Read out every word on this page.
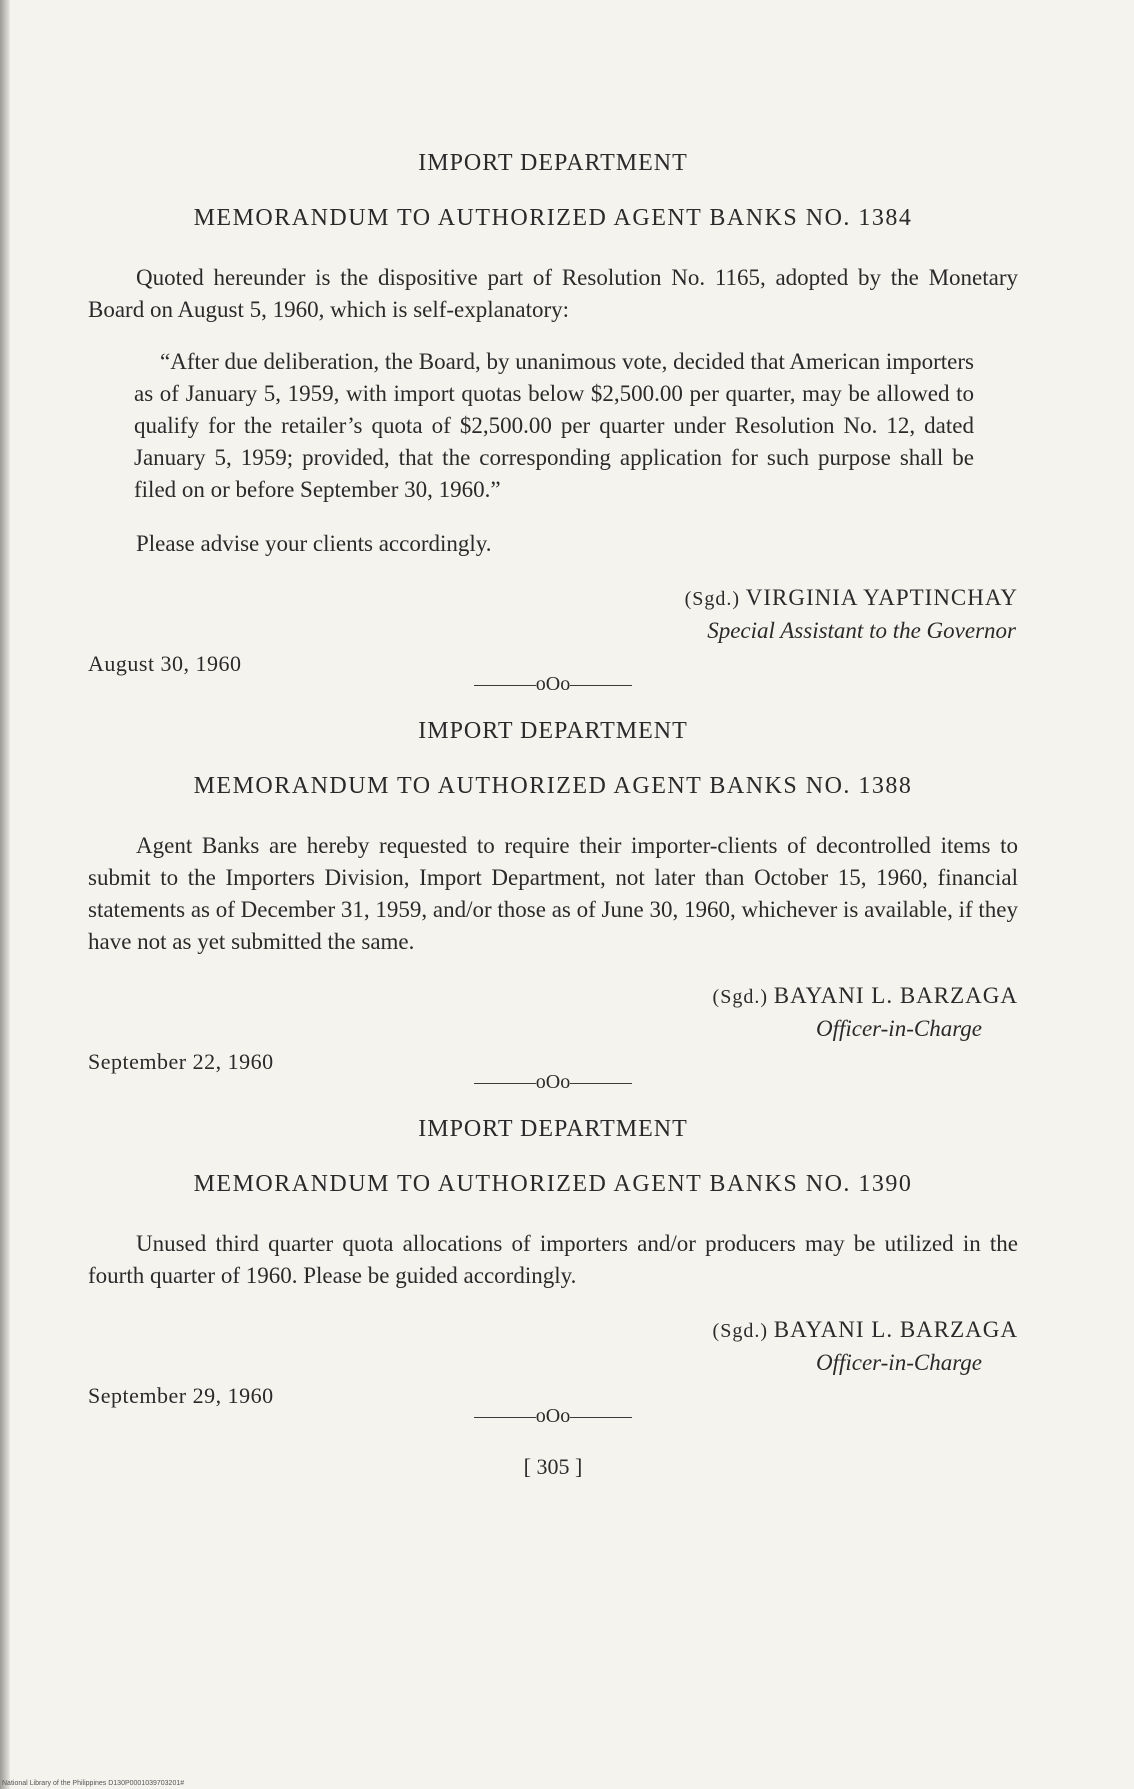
IMPORT DEPARTMENT
MEMORANDUM TO AUTHORIZED AGENT BANKS NO. 1384

Quoted hereunder is the dispositive part of Resolution No. 1165, adopted by the Monetary Board on August 5, 1960, which is self-explanatory:

“After due deliberation, the Board, by unanimous vote, decided that American importers as of January 5, 1959, with import quotas below $2,500.00 per quarter, may be allowed to qualify for the retailer’s quota of $2,500.00 per quarter under Resolution No. 12, dated January 5, 1959; provided, that the corresponding application for such purpose shall be filed on or before September 30, 1960.”

Please advise your clients accordingly.

(Sgd.) VIRGINIA YAPTINCHAY
Special Assistant to the Governor
August 30, 1960
oOo
IMPORT DEPARTMENT
MEMORANDUM TO AUTHORIZED AGENT BANKS NO. 1388

Agent Banks are hereby requested to require their importer-clients of decontrolled items to submit to the Importers Division, Import Department, not later than October 15, 1960, financial statements as of December 31, 1959, and/or those as of June 30, 1960, whichever is available, if they have not as yet submitted the same.

(Sgd.) BAYANI L. BARZAGA
Officer-in-Charge
September 22, 1960
oOo
IMPORT DEPARTMENT
MEMORANDUM TO AUTHORIZED AGENT BANKS NO. 1390

Unused third quarter quota allocations of importers and/or producers may be utilized in the fourth quarter of 1960. Please be guided accordingly.

(Sgd.) BAYANI L. BARZAGA
Officer-in-Charge
September 29, 1960
oOo
[ 305 ]
National Library of the Philippines D130P0001039703201#
